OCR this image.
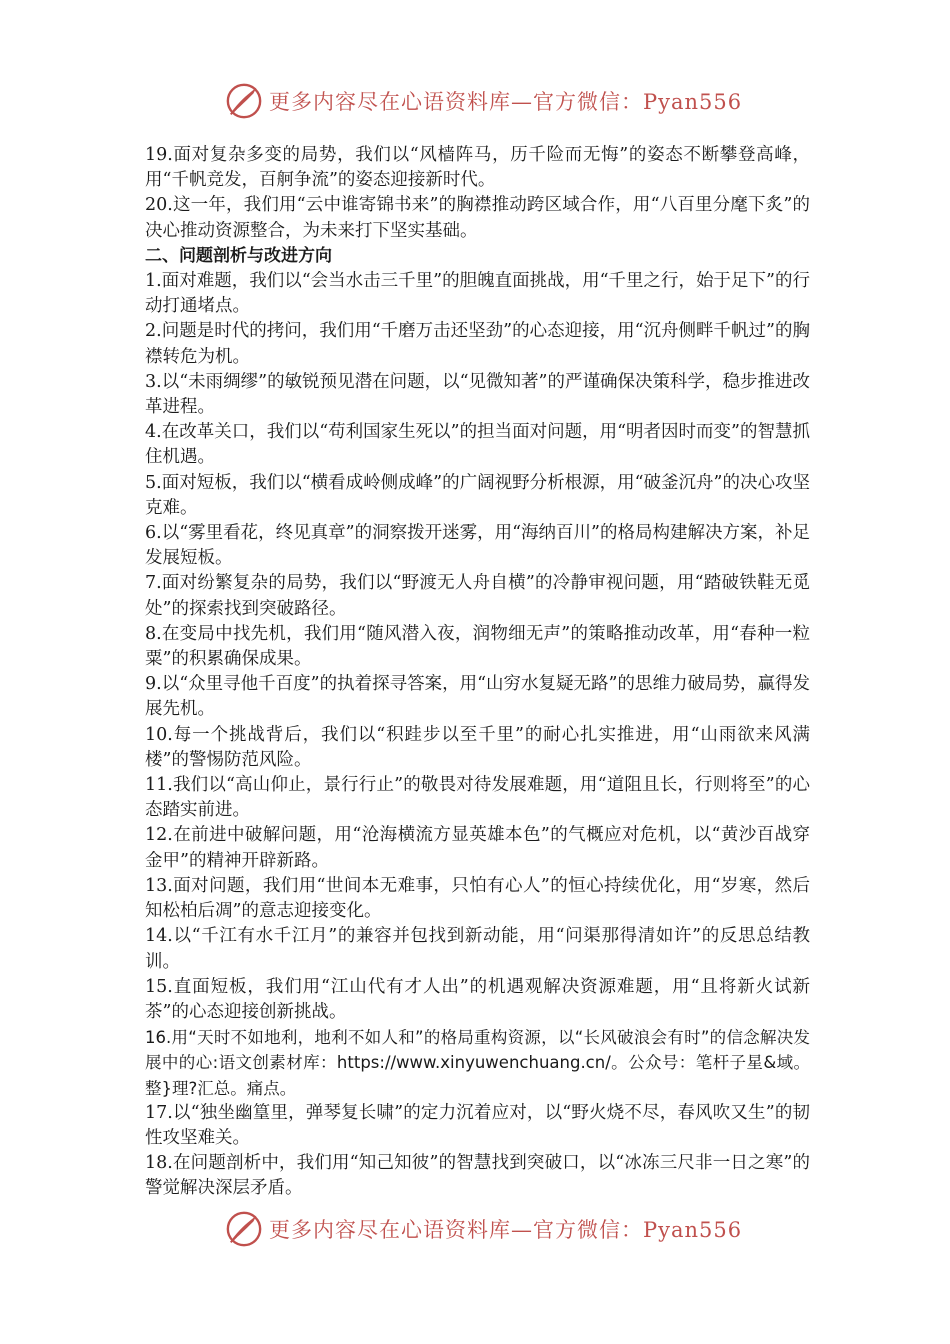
更多内容尽在心语资料库—官方微信：Pyan556

19.面对复杂多变的局势，我们以“风樯阵马，历千险而无悔”的姿态不断攀登高峰，用“千帆竞发，百舸争流”的姿态迎接新时代。

20.这一年，我们用“云中谁寄锦书来”的胸襟推动跨区域合作，用“八百里分麾下炙”的决心推动资源整合，为未来打下坚实基础。

二、问题剖析与改进方向

1.面对难题，我们以“会当水击三千里”的胆魄直面挑战，用“千里之行，始于足下”的行动打通堵点。

2.问题是时代的拷问，我们用“千磨万击还坚劲”的心态迎接，用“沉舟侧畔千帆过”的胸襟转危为机。

3.以“未雨绸缪”的敏锐预见潜在问题，以“见微知著”的严谨确保决策科学，稳步推进改革进程。

4.在改革关口，我们以“苟利国家生死以”的担当面对问题，用“明者因时而变”的智慧抓住机遇。

5.面对短板，我们以“横看成岭侧成峰”的广阔视野分析根源，用“破釜沉舟”的决心攻坚克难。

6.以“雾里看花，终见真章”的洞察拨开迷雾，用“海纳百川”的格局构建解决方案，补足发展短板。

7.面对纷繁复杂的局势，我们以“野渡无人舟自横”的冷静审视问题，用“踏破铁鞋无觅处”的探索找到突破路径。

8.在变局中找先机，我们用“随风潜入夜，润物细无声”的策略推动改革，用“春种一粒粟”的积累确保成果。

9.以“众里寻他千百度”的执着探寻答案，用“山穷水复疑无路”的思维力破局势，赢得发展先机。

10.每一个挑战背后，我们以“积跬步以至千里”的耐心扎实推进，用“山雨欲来风满楼”的警惕防范风险。

11.我们以“高山仰止，景行行止”的敬畏对待发展难题，用“道阻且长，行则将至”的心态踏实前进。

12.在前进中破解问题，用“沧海横流方显英雄本色”的气概应对危机，以“黄沙百战穿金甲”的精神开辟新路。

13.面对问题，我们用“世间本无难事，只怕有心人”的恒心持续优化，用“岁寒，然后知松柏后凋”的意志迎接变化。

14.以“千江有水千江月”的兼容并包找到新动能，用“问渠那得清如许”的反思总结教训。

15.直面短板，我们用“江山代有才人出”的机遇观解决资源难题，用“且将新火试新茶”的心态迎接创新挑战。

16.用“天时不如地利，地利不如人和”的格局重构资源，以“长风破浪会有时”的信念解决发展中的心:语文创素材库：https://www.xinyuwenchuang.cn/。公众号：笔杆子星&域。整}理?汇总。痛点。

17.以“独坐幽篁里，弹琴复长啸”的定力沉着应对，以“野火烧不尽，春风吹又生”的韧性攻坚难关。

18.在问题剖析中，我们用“知己知彼”的智慧找到突破口，以“冰冻三尺非一日之寒”的警觉解决深层矛盾。

更多内容尽在心语资料库—官方微信：Pyan556
